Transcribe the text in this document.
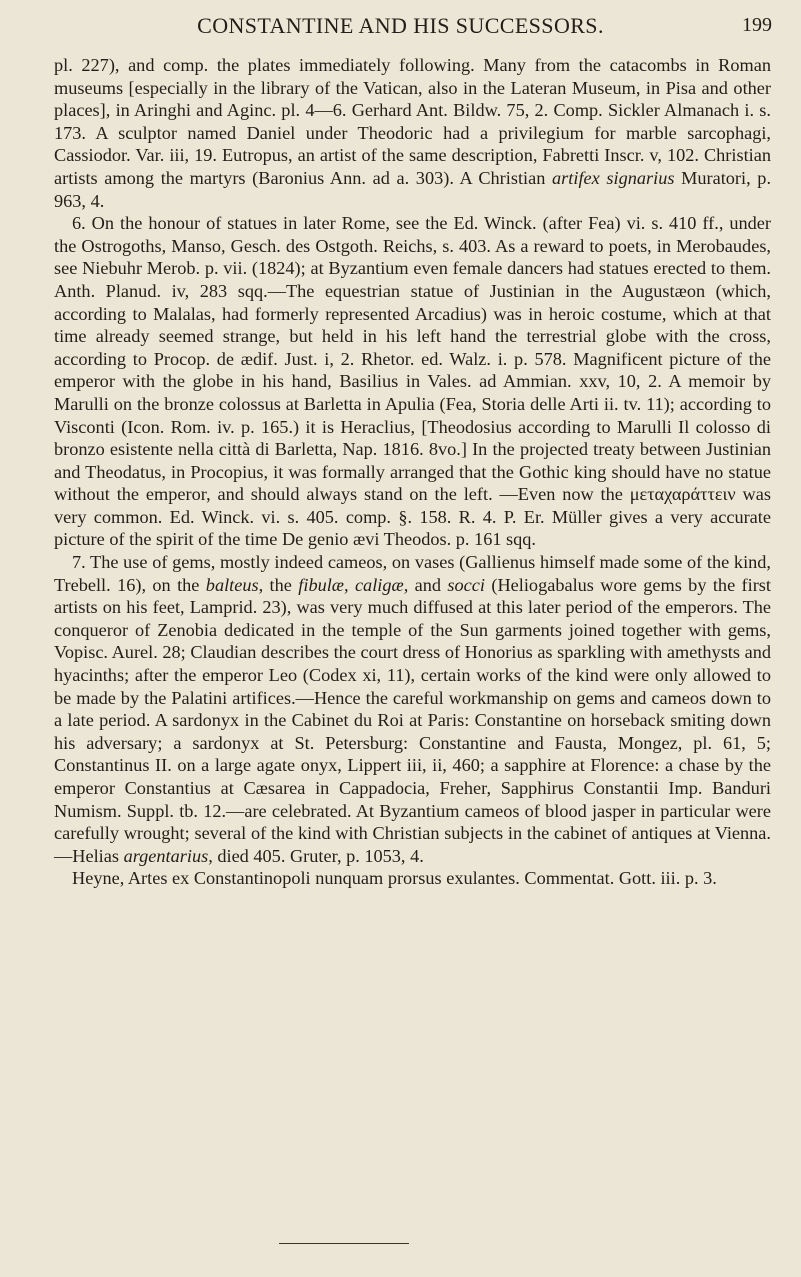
CONSTANTINE AND HIS SUCCESSORS.	199

pl. 227), and comp. the plates immediately following. Many from the catacombs in Roman museums [especially in the library of the Vatican, also in the Lateran Museum, in Pisa and other places], in Aringhi and Aginc. pl. 4—6. Gerhard Ant. Bildw. 75, 2. Comp. Sickler Almanach i. s. 173. A sculptor named Daniel under Theodoric had a privilegium for marble sarcophagi, Cassiodor. Var. iii, 19. Eutropus, an artist of the same description, Fabretti Inscr. v, 102. Christian artists among the martyrs (Baronius Ann. ad a. 303). A Christian artifex signarius Muratori, p. 963, 4.

6. On the honour of statues in later Rome, see the Ed. Winck. (after Fea) vi. s. 410 ff., under the Ostrogoths, Manso, Gesch. des Ostgoth. Reichs, s. 403. As a reward to poets, in Merobaudes, see Niebuhr Merob. p. vii. (1824); at Byzantium even female dancers had statues erected to them. Anth. Planud. iv, 283 sqq.—The equestrian statue of Justinian in the Augustæon (which, according to Malalas, had formerly represented Arcadius) was in heroic costume, which at that time already seemed strange, but held in his left hand the terrestrial globe with the cross, according to Procop. de ædif. Just. i, 2. Rhetor. ed. Walz. i. p. 578. Magnificent picture of the emperor with the globe in his hand, Basilius in Vales. ad Ammian. xxv, 10, 2. A memoir by Marulli on the bronze colossus at Barletta in Apulia (Fea, Storia delle Arti ii. tv. 11); according to Visconti (Icon. Rom. iv. p. 165.) it is Heraclius, [Theodosius according to Marulli Il colosso di bronzo esistente nella città di Barletta, Nap. 1816. 8vo.] In the projected treaty between Justinian and Theodatus, in Procopius, it was formally arranged that the Gothic king should have no statue without the emperor, and should always stand on the left. —Even now the μεταχαράττειν was very common. Ed. Winck. vi. s. 405. comp. §. 158. R. 4. P. Er. Müller gives a very accurate picture of the spirit of the time De genio ævi Theodos. p. 161 sqq.

7. The use of gems, mostly indeed cameos, on vases (Gallienus himself made some of the kind, Trebell. 16), on the balteus, the fibulæ, caligæ, and socci (Heliogabalus wore gems by the first artists on his feet, Lamprid. 23), was very much diffused at this later period of the emperors. The conqueror of Zenobia dedicated in the temple of the Sun garments joined together with gems, Vopisc. Aurel. 28; Claudian describes the court dress of Honorius as sparkling with amethysts and hyacinths; after the emperor Leo (Codex xi, 11), certain works of the kind were only allowed to be made by the Palatini artifices.—Hence the careful workmanship on gems and cameos down to a late period. A sardonyx in the Cabinet du Roi at Paris: Constantine on horseback smiting down his adversary; a sardonyx at St. Petersburg: Constantine and Fausta, Mongez, pl. 61, 5; Constantinus II. on a large agate onyx, Lippert iii, ii, 460; a sapphire at Florence: a chase by the emperor Constantius at Cæsarea in Cappadocia, Freher, Sapphirus Constantii Imp. Banduri Numism. Suppl. tb. 12.—are celebrated. At Byzantium cameos of blood jasper in particular were carefully wrought; several of the kind with Christian subjects in the cabinet of antiques at Vienna.—Helias argentarius, died 405. Gruter, p. 1053, 4.

Heyne, Artes ex Constantinopoli nunquam prorsus exulantes. Commentat. Gott. iii. p. 3.
